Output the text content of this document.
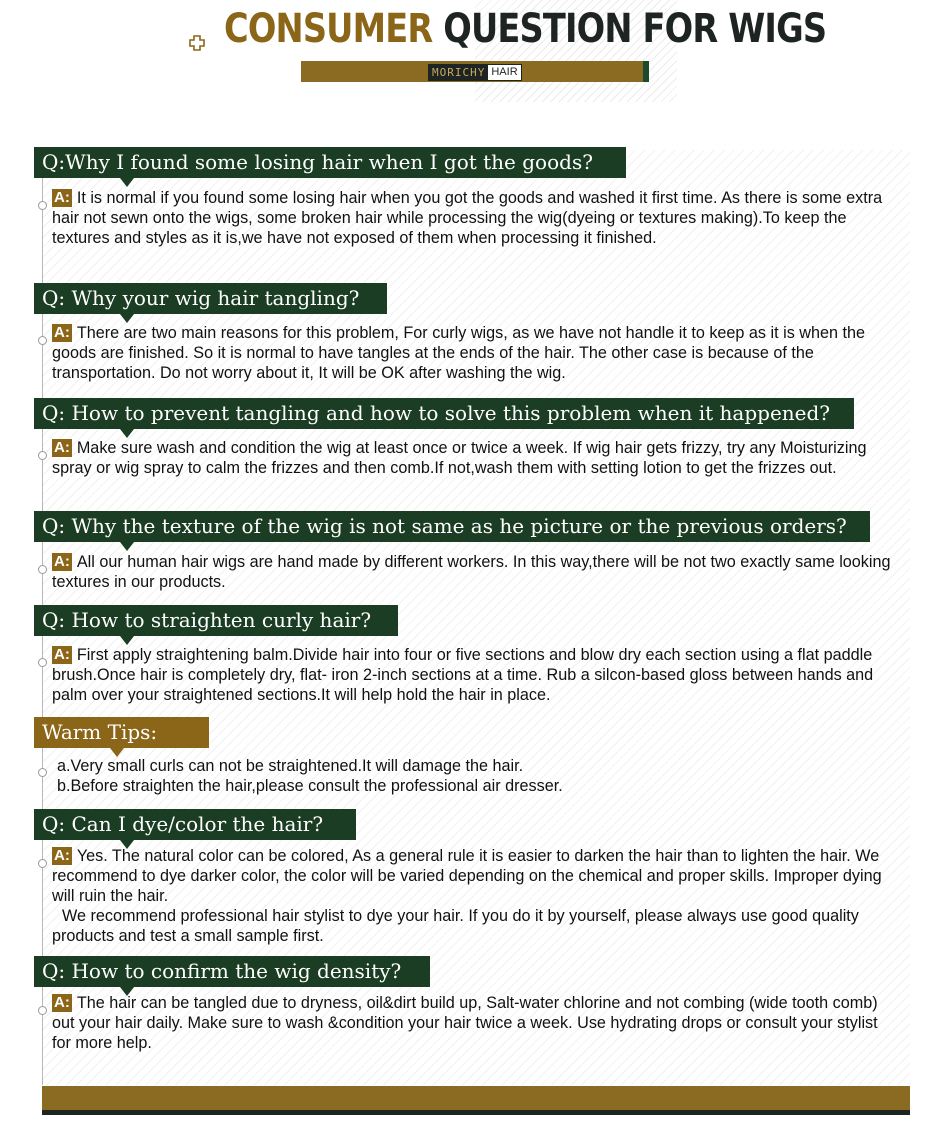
CONSUMER QUESTION FOR WIGS
MORICHY HAIR
Q:Why I found some losing hair when I got the goods?

A: It is normal if you found some losing hair when you got the goods and washed it first time. As there is some extra hair not sewn onto the wigs, some broken hair while processing the wig(dyeing or textures making).To keep the textures and styles as it is,we have not exposed of them when processing it finished.

Q: Why your wig hair tangling?

A: There are two main reasons for this problem, For curly wigs, as we have not handle it to keep as it is when the goods are finished. So it is normal to have tangles at the ends of the hair. The other case is because of the transportation. Do not worry about it, It will be OK after washing the wig.

Q: How to prevent tangling and how to solve this problem when it happened?

A: Make sure wash and condition the wig at least once or twice a week. If wig hair gets frizzy, try any Moisturizing spray or wig spray to calm the frizzes and then comb.If not,wash them with setting lotion to get the frizzes out.

Q: Why the texture of the wig is not same as he picture or the previous orders?

A: All our human hair wigs are hand made by different workers. In this way,there will be not two exactly same looking textures in our products.

Q: How to straighten curly hair?

A: First apply straightening balm.Divide hair into four or five sections and blow dry each section using a flat paddle brush.Once hair is completely dry, flat- iron 2-inch sections at a time. Rub a silcon-based gloss between hands and palm over your straightened sections.It will help hold the hair in place.

Warm Tips:

a.Very small curls can not be straightened.It will damage the hair.
b.Before straighten the hair,please consult the professional air dresser.

Q: Can I dye/color the hair?

A: Yes. The natural color can be colored, As a general rule it is easier to darken the hair than to lighten the hair. We recommend to dye darker color, the color will be varied depending on the chemical and proper skills. Improper dying will ruin the hair.
We recommend professional hair stylist to dye your hair. If you do it by yourself, please always use good quality products and test a small sample first.

Q: How to confirm the wig density?

A: The hair can be tangled due to dryness, oil&dirt build up, Salt-water chlorine and not combing (wide tooth comb) out your hair daily. Make sure to wash &condition your hair twice a week. Use hydrating drops or consult your stylist for more help.
